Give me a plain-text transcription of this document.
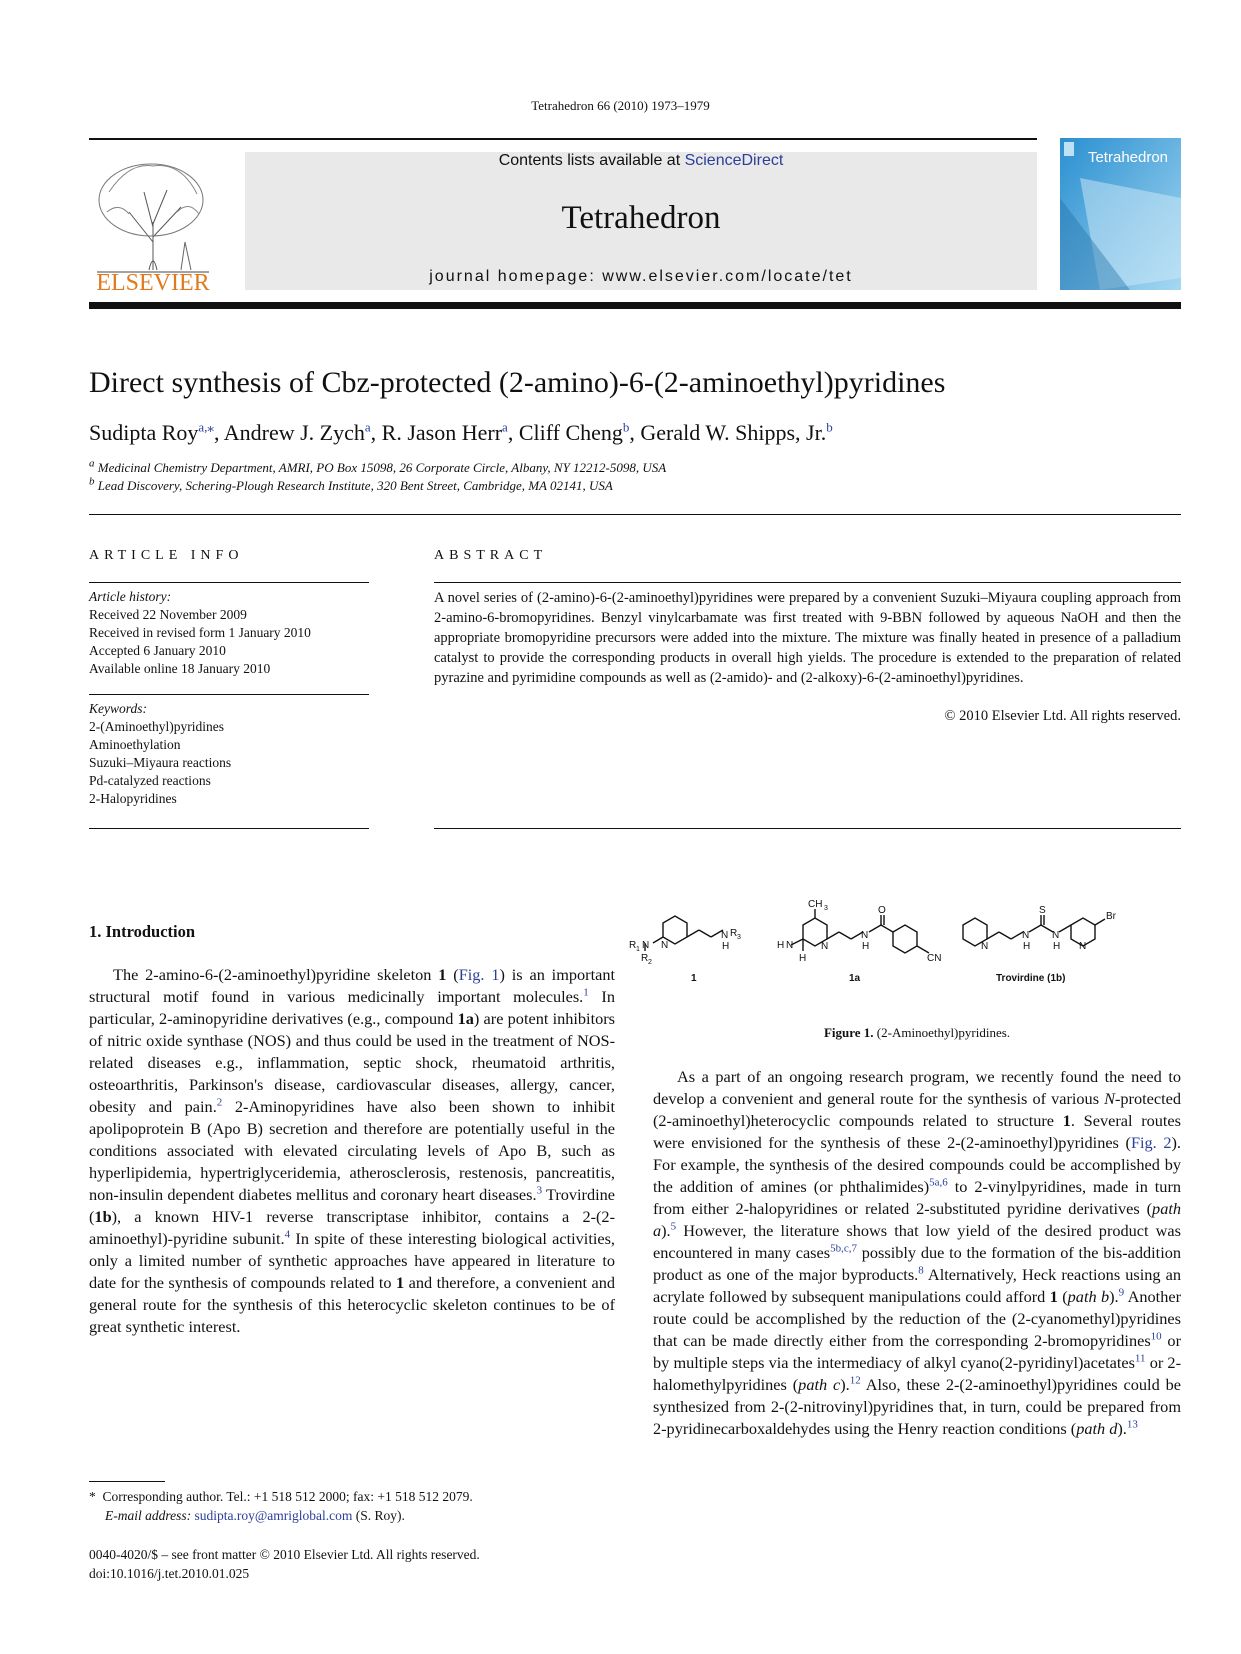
Tetrahedron 66 (2010) 1973–1979
ELSEVIER
Contents lists available at ScienceDirect
Tetrahedron
journal homepage: www.elsevier.com/locate/tet
Tetrahedron
Direct synthesis of Cbz-protected (2-amino)-6-(2-aminoethyl)pyridines
Sudipta Roy$^{a,⁎}$, Andrew J. Zych$^a$, R. Jason Herr$^a$, Cliff Cheng$^b$, Gerald W. Shipps, Jr.$^b$
$^a$ Medicinal Chemistry Department, AMRI, PO Box 15098, 26 Corporate Circle, Albany, NY 12212-5098, USA
$^b$ Lead Discovery, Schering-Plough Research Institute, 320 Bent Street, Cambridge, MA 02141, USA
ARTICLE INFO
Article history:
Received 22 November 2009
Received in revised form 1 January 2010
Accepted 6 January 2010
Available online 18 January 2010
Keywords:
2-(Aminoethyl)pyridines
Aminoethylation
Suzuki–Miyaura reactions
Pd-catalyzed reactions
2-Halopyridines
ABSTRACT
A novel series of (2-amino)-6-(2-aminoethyl)pyridines were prepared by a convenient Suzuki–Miyaura coupling approach from 2-amino-6-bromopyridines. Benzyl vinylcarbamate was first treated with 9-BBN followed by aqueous NaOH and then the appropriate bromopyridine precursors were added into the mixture. The mixture was finally heated in presence of a palladium catalyst to provide the corresponding products in overall high yields. The procedure is extended to the preparation of related pyrazine and pyrimidine compounds as well as (2-amido)- and (2-alkoxy)-6-(2-aminoethyl)pyridines.
© 2010 Elsevier Ltd. All rights reserved.
1. Introduction

The 2-amino-6-(2-aminoethyl)pyridine skeleton 1 (Fig. 1) is an important structural motif found in various medicinally important molecules.$^1$ In particular, 2-aminopyridine derivatives (e.g., compound 1a) are potent inhibitors of nitric oxide synthase (NOS) and thus could be used in the treatment of NOS-related diseases e.g., inflammation, septic shock, rheumatoid arthritis, osteoarthritis, Parkinson's disease, cardiovascular diseases, allergy, cancer, obesity and pain.$^2$ 2-Aminopyridines have also been shown to inhibit apolipoprotein B (Apo B) secretion and therefore are potentially useful in the conditions associated with elevated circulating levels of Apo B, such as hyperlipidemia, hypertriglyceridemia, atherosclerosis, restenosis, pancreatitis, non-insulin dependent diabetes mellitus and coronary heart diseases.$^3$ Trovirdine (1b), a known HIV-1 reverse transcriptase inhibitor, contains a 2-(2-aminoethyl)-pyridine subunit.$^4$ In spite of these interesting biological activities, only a limited number of synthetic approaches have appeared in literature to date for the synthesis of compounds related to 1 and therefore, a convenient and general route for the synthesis of this heterocyclic skeleton continues to be of great synthetic interest.

R 1 N
R 2
N
N
H
R 3
CH 3
H N
H
N
N
H
O
CN
N
N
H
S
N
H N
Br
1	1a	Trovirdine (1b)
Figure 1. (2-Aminoethyl)pyridines.

As a part of an ongoing research program, we recently found the need to develop a convenient and general route for the synthesis of various N-protected (2-aminoethyl)heterocyclic compounds related to structure 1. Several routes were envisioned for the synthesis of these 2-(2-aminoethyl)pyridines (Fig. 2). For example, the synthesis of the desired compounds could be accomplished by the addition of amines (or phthalimides)$^{5a,6}$ to 2-vinylpyridines, made in turn from either 2-halopyridines or related 2-substituted pyridine derivatives (path a).$^5$ However, the literature shows that low yield of the desired product was encountered in many cases$^{5b,c,7}$ possibly due to the formation of the bis-addition product as one of the major byproducts.$^8$ Alternatively, Heck reactions using an acrylate followed by subsequent manipulations could afford 1 (path b).$^9$ Another route could be accomplished by the reduction of the (2-cyanomethyl)pyridines that can be made directly either from the corresponding 2-bromopyridines$^{10}$ or by multiple steps via the intermediacy of alkyl cyano(2-pyridinyl)acetates$^{11}$ or 2-halomethylpyridines (path c).$^{12}$ Also, these 2-(2-aminoethyl)pyridines could be synthesized from 2-(2-nitrovinyl)pyridines that, in turn, could be prepared from 2-pyridinecarboxaldehydes using the Henry reaction conditions (path d).$^{13}$

* Corresponding author. Tel.: +1 518 512 2000; fax: +1 518 512 2079.
E-mail address: sudipta.roy@amriglobal.com (S. Roy).
0040-4020/$ – see front matter © 2010 Elsevier Ltd. All rights reserved.
doi:10.1016/j.tet.2010.01.025
